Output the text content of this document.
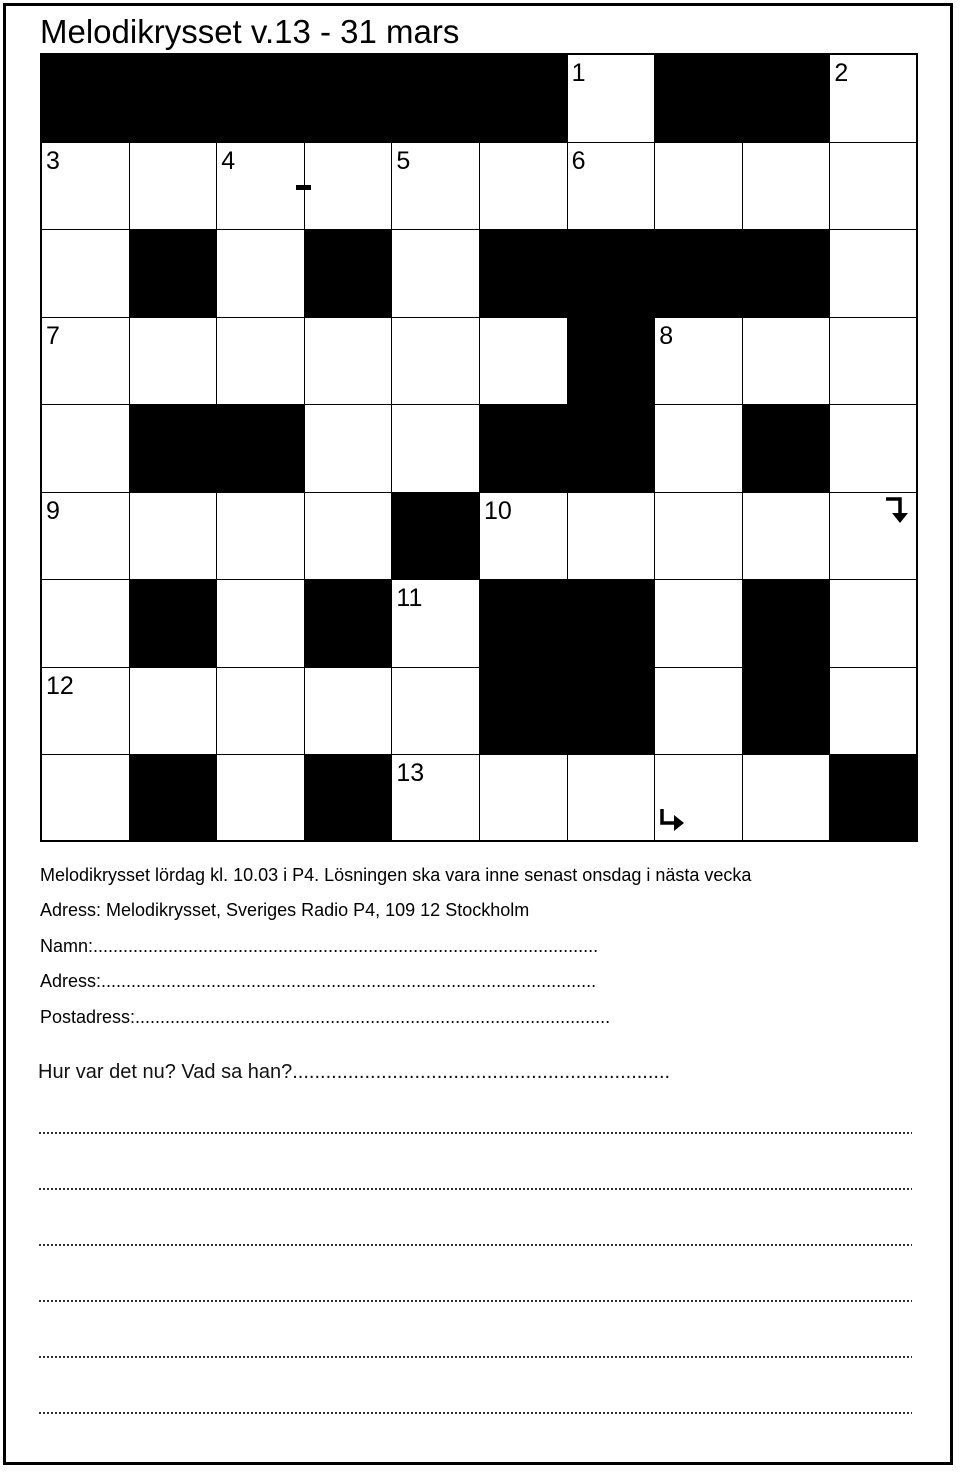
Melodikrysset v.13 - 31 mars
1	2
3	4	5	6
7	8
9	10
11
12
13
Melodikrysset lördag kl. 10.03 i P4. Lösningen ska vara inne senast onsdag i nästa vecka
Adress: Melodikrysset, Sveriges Radio P4, 109 12 Stockholm
Namn:.....................................................................................................
Adress:...................................................................................................
Postadress:...............................................................................................
Hur var det nu? Vad sa han?....................................................................
